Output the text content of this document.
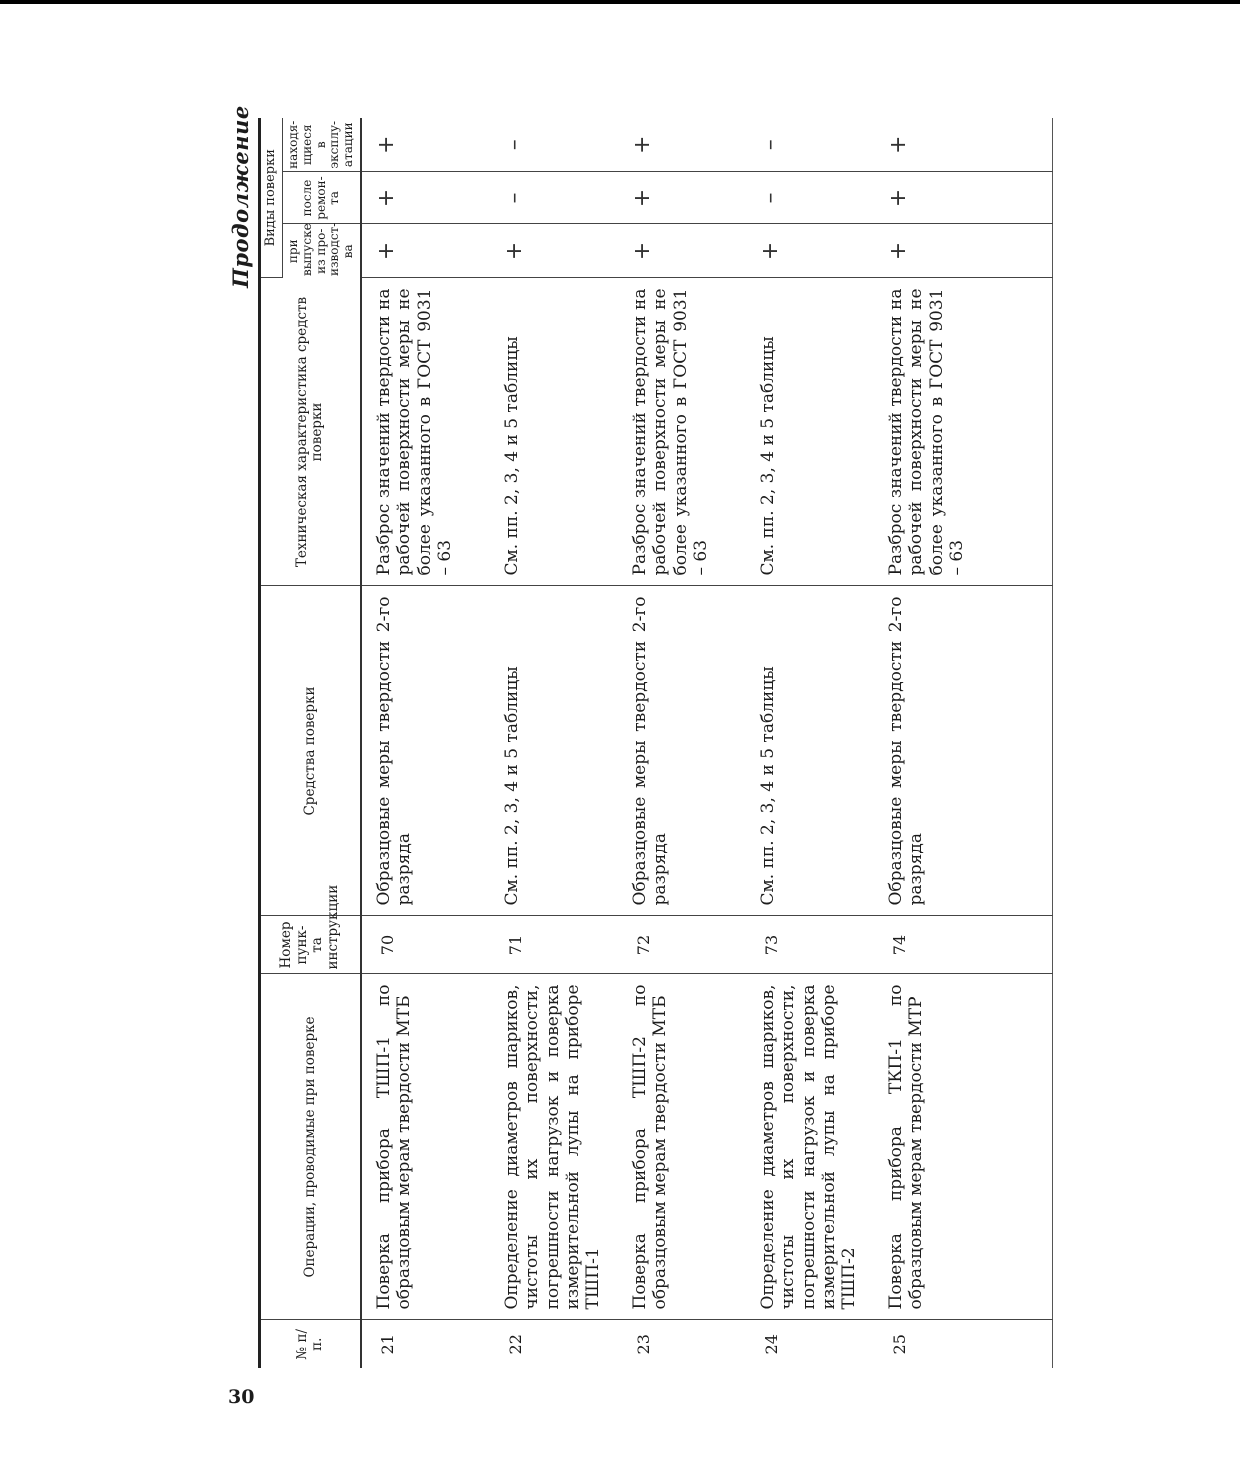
30
Продолжение
№ п/п.	Операции, проводимые при поверке	Номер пунк-та инструкции	Средства поверки	Техническая характеристика средств поверки	Виды поверки		
					при выпуске из про-изводст-ва	после ремон-та	находя-щиеся в эксплу-атации
21	Поверка прибора ТШП-1 по образцовым мерам твердости МТБ	70	Образцовые меры твердости 2-го разряда	Разброс значений твердости на рабочей поверхности меры не более указанного в ГОСТ 9031 – 63	+	+	+
22	Определение диаметров шариков, чистоты их поверхности, погрешности нагрузок и поверка измерительной лупы на приборе ТШП-1	71	См. пп. 2, 3, 4 и 5 таблицы	См. пп. 2, 3, 4 и 5 таблицы	+	–	–
23	Поверка прибора ТШП-2 по образцовым мерам твердости МТБ	72	Образцовые меры твердости 2-го разряда	Разброс значений твердости на рабочей поверхности меры не более указанного в ГОСТ 9031 – 63	+	+	+
24	Определение диаметров шариков, чистоты их поверхности, погрешности нагрузок и поверка измерительной лупы на приборе ТШП-2	73	См. пп. 2, 3, 4 и 5 таблицы	См. пп. 2, 3, 4 и 5 таблицы	+	–	–
25	Поверка прибора ТКП-1 по образцовым мерам твердости МТР	74	Образцовые меры твердости 2-го разряда	Разброс значений твердости на рабочей поверхности меры не более указанного в ГОСТ 9031 – 63	+	+	+
